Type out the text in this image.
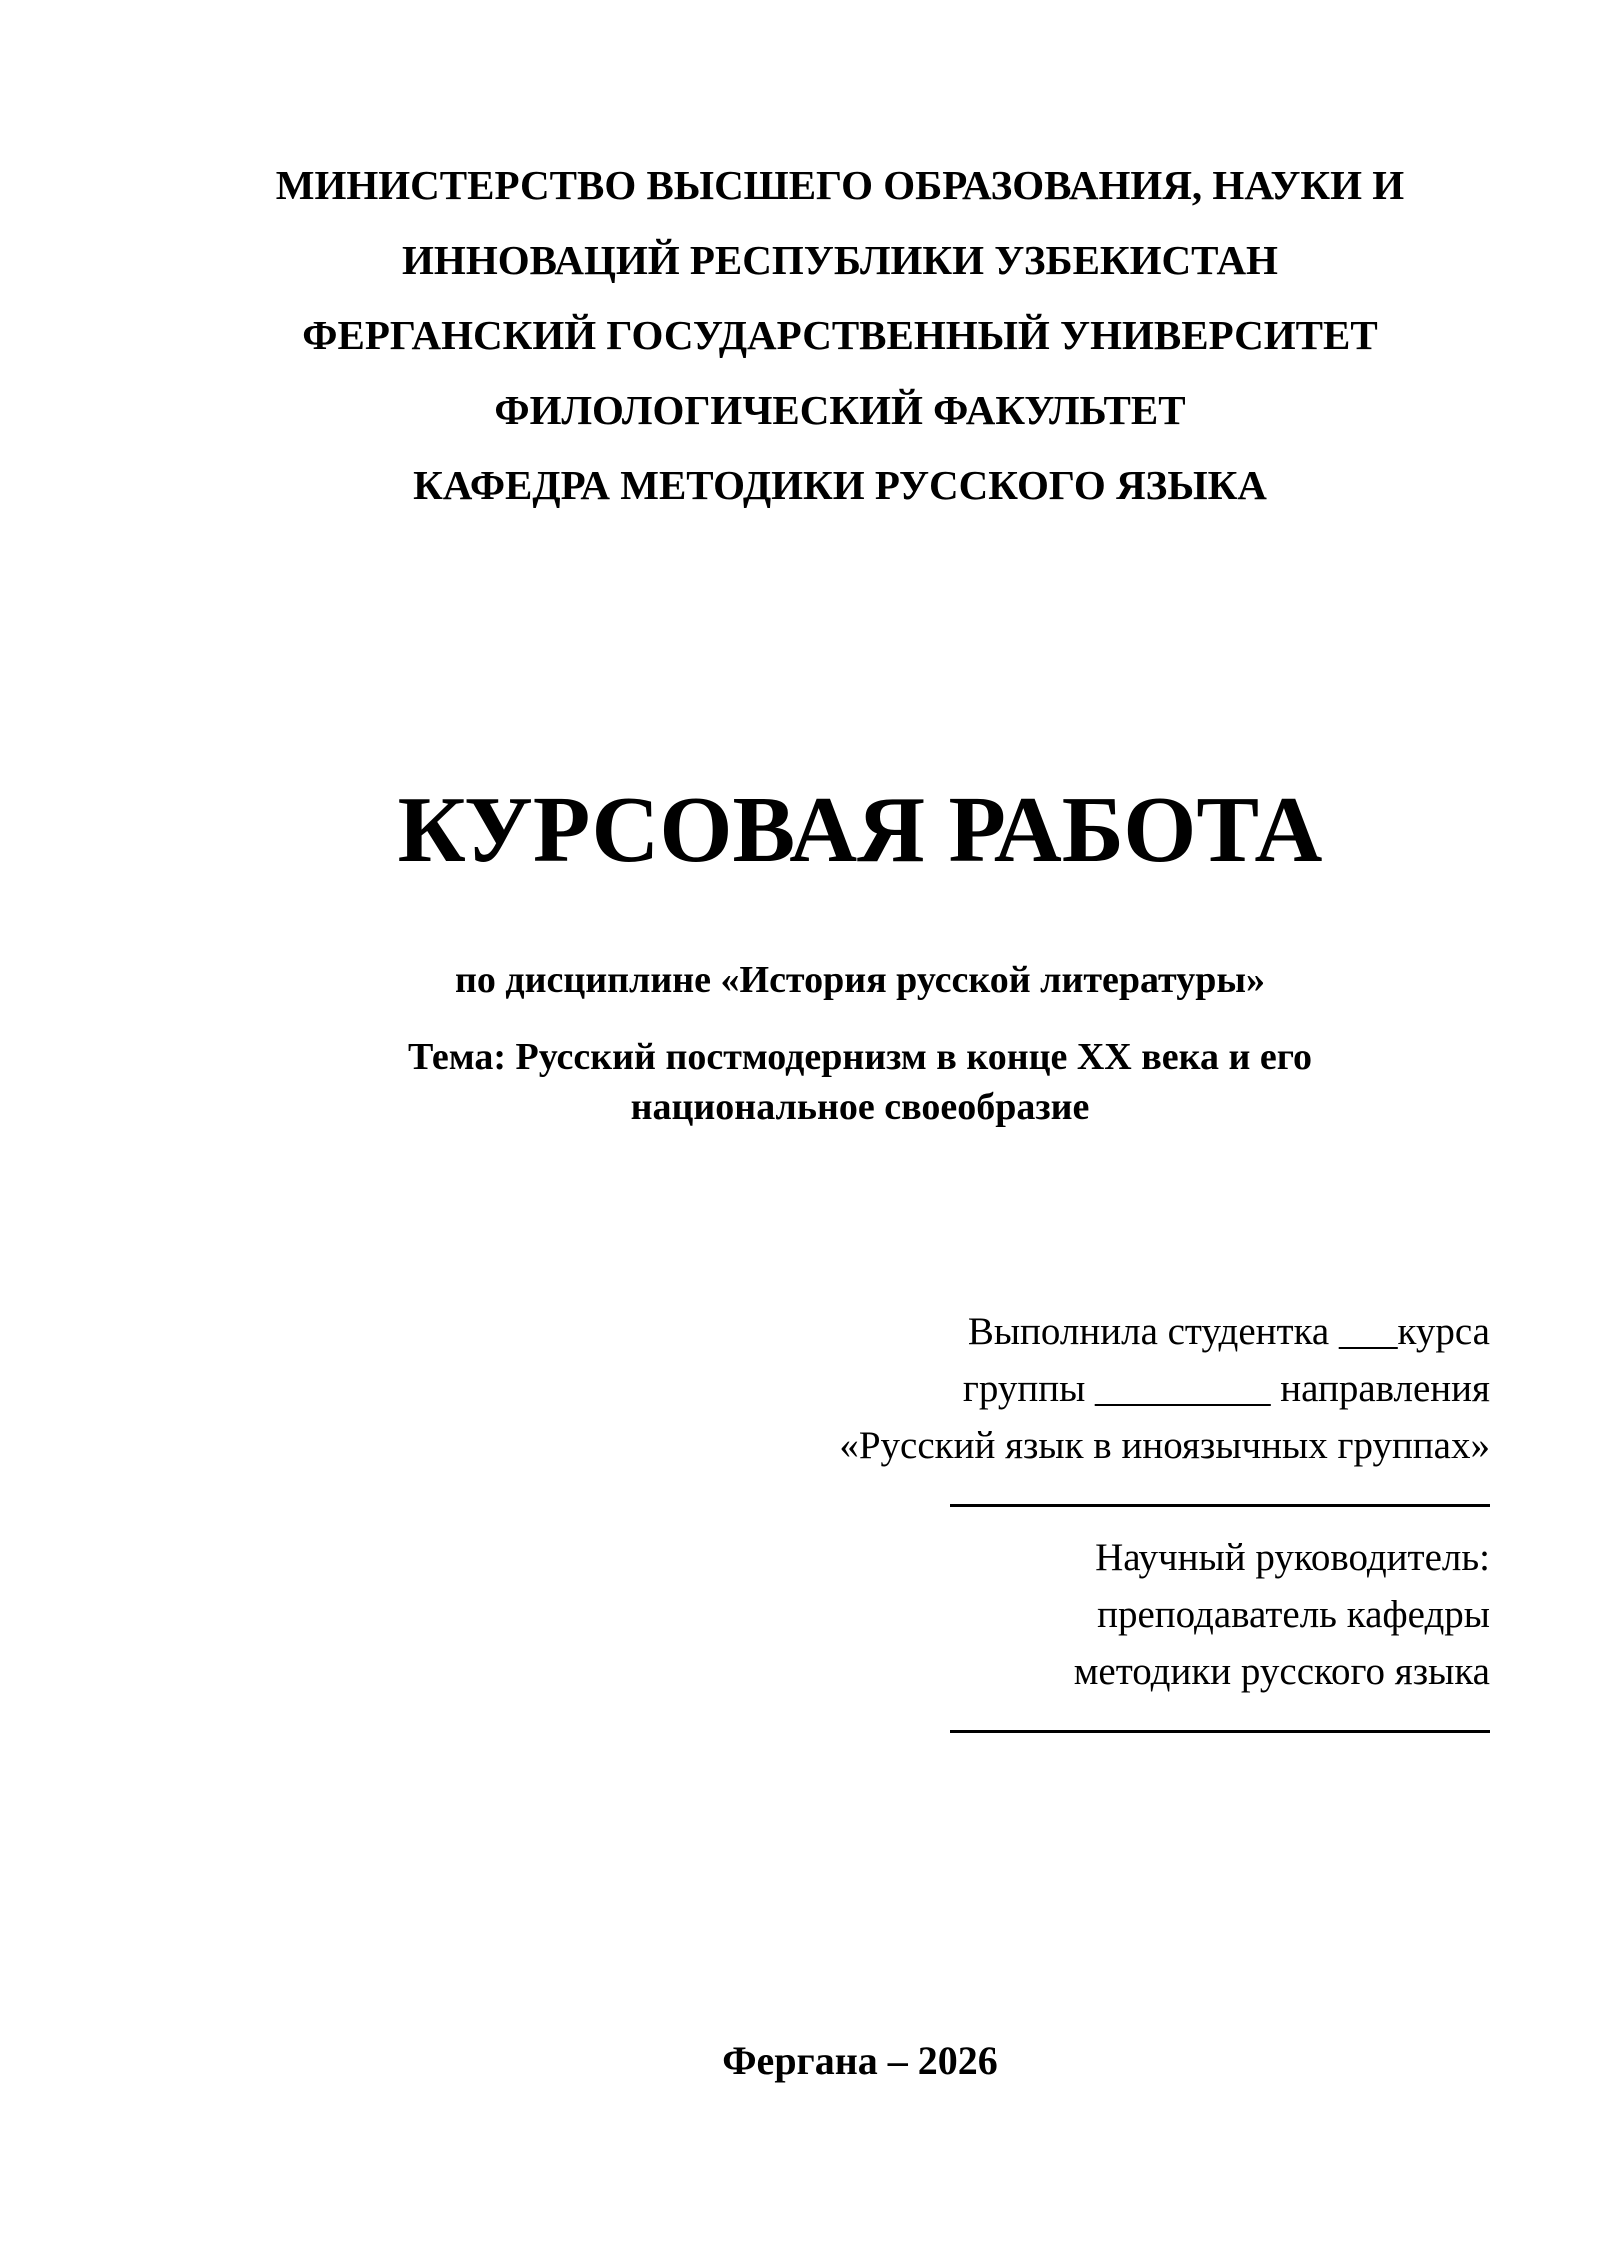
МИНИСТЕРСТВО ВЫСШЕГО ОБРАЗОВАНИЯ, НАУКИ И
ИННОВАЦИЙ РЕСПУБЛИКИ УЗБЕКИСТАН
ФЕРГАНСКИЙ ГОСУДАРСТВЕННЫЙ УНИВЕРСИТЕТ
ФИЛОЛОГИЧЕСКИЙ ФАКУЛЬТЕТ
КАФЕДРА МЕТОДИКИ РУССКОГО ЯЗЫКА
КУРСОВАЯ РАБОТА
по дисциплине «История русской литературы»
Тема: Русский постмодернизм в конце ХХ века и его
национальное своеобразие
Выполнила студентка ___курса
группы _________ направления
«Русский язык в иноязычных группах»
Научный руководитель:
преподаватель кафедры
методики русского языка
Фергана – 2026
